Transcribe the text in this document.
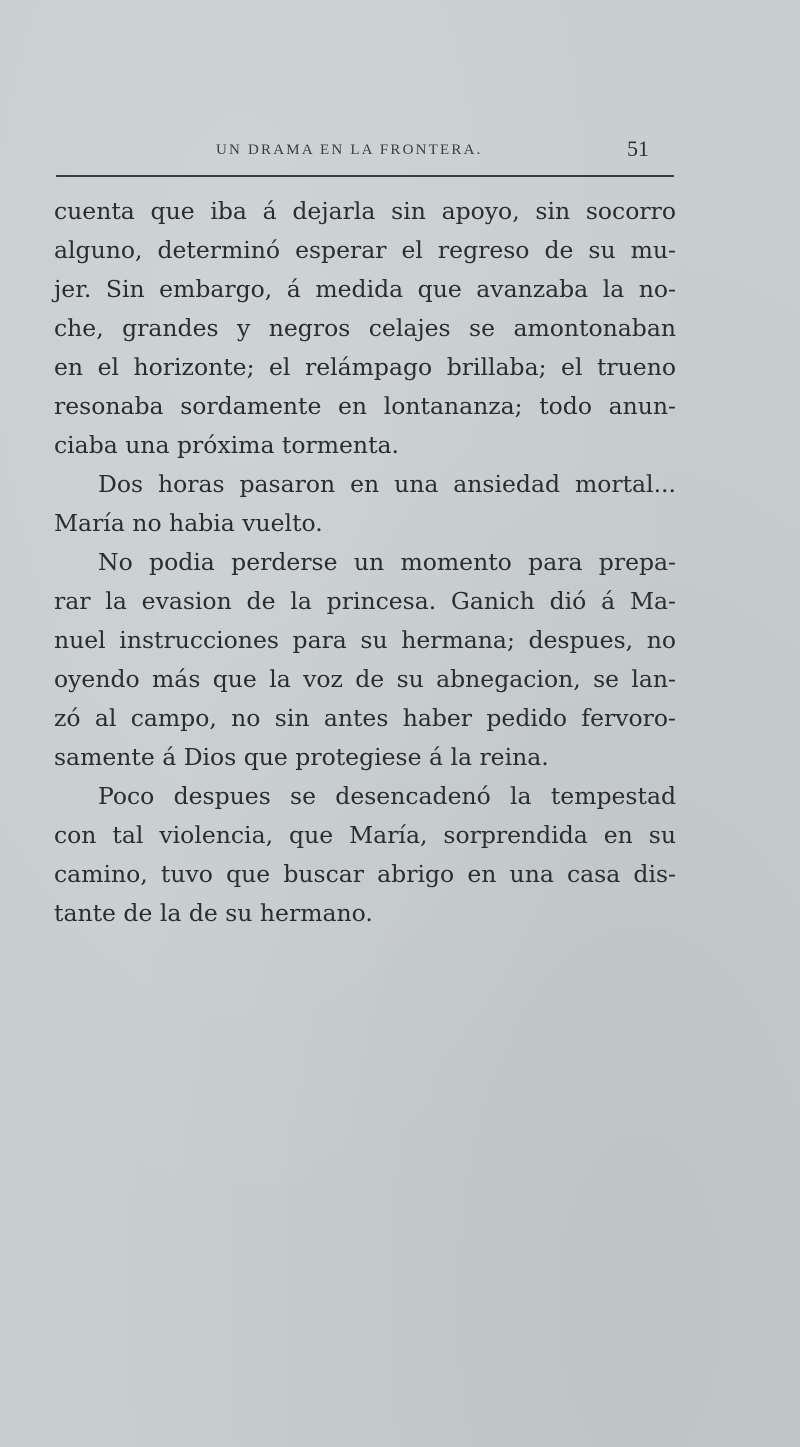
UN DRAMA EN LA FRONTERA.	51
cuenta que iba á dejarla sin apoyo, sin socorro
alguno, determinó esperar el regreso de su mu-
jer. Sin embargo, á medida que avanzaba la no-
che, grandes y negros celajes se amontonaban
en el horizonte; el relámpago brillaba; el trueno
resonaba sordamente en lontananza; todo anun-
ciaba una próxima tormenta.
Dos horas pasaron en una ansiedad mortal...
María no habia vuelto.
No podia perderse un momento para prepa-
rar la evasion de la princesa. Ganich dió á Ma-
nuel instrucciones para su hermana; despues, no
oyendo más que la voz de su abnegacion, se lan-
zó al campo, no sin antes haber pedido fervoro-
samente á Dios que protegiese á la reina.
Poco despues se desencadenó la tempestad
con tal violencia, que María, sorprendida en su
camino, tuvo que buscar abrigo en una casa dis-
tante de la de su hermano.
